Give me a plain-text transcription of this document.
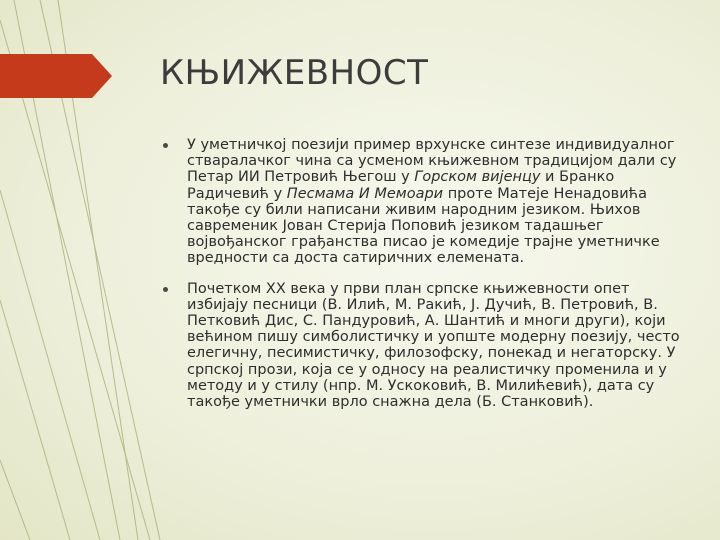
КЊИЖЕВНОСТ
У уметничкој поезији пример врхунске синтезе индивидуалног стваралачког чина са усменом књижевном традицијом дали су Петар ИИ Петровић Његош у Горском вијенцу и Бранко Радичевић у Песмама И Мемоари проте Матеје Ненадовића такође су били написани живим народним језиком. Њихов савременик Јован Стерија Поповић језиком тадашњег војвођанског грађанства писао је комедије трајне уметничке вредности са доста сатиричних елемената.
Почетком XX века у први план српске књижевности опет избијају песници (В. Илић, М. Ракић, Ј. Дучић, В. Петровић, В. Петковић Дис, С. Пандуровић, А. Шантић и многи други), који већином пишу симболистичку и уопште модерну поезију, често елегичну, песимистичку, филозофску, понекад и негаторску. У српској прози, која се у односу на реалистичку променила и у методу и у стилу (нпр. М. Ускоковић, В. Милићевић), дата су такође уметнички врло снажна дела (Б. Станковић).
